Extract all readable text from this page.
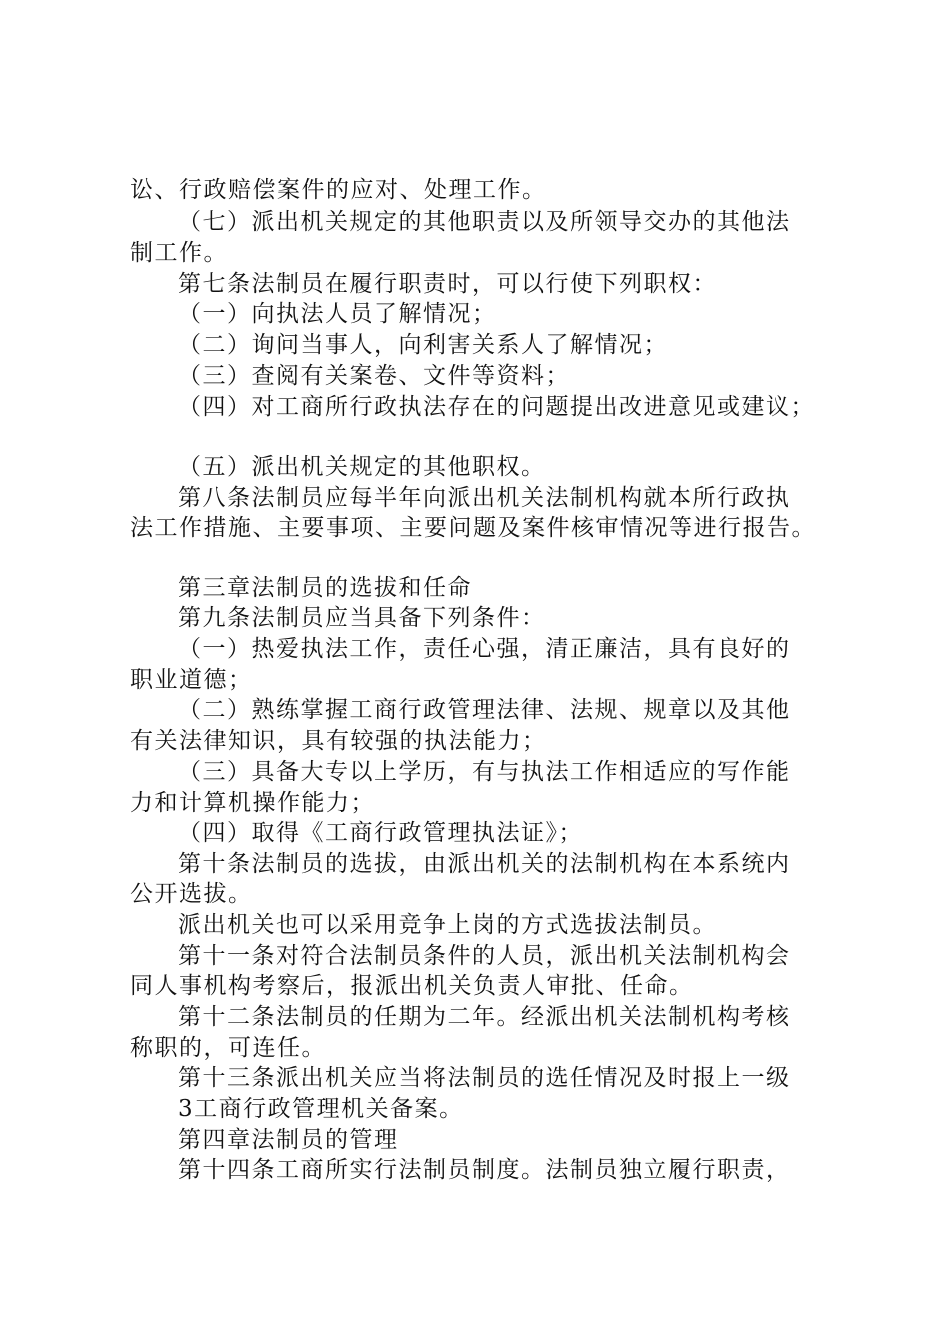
讼、行政赔偿案件的应对、处理工作。
（七）派出机关规定的其他职责以及所领导交办的其他法
制工作。
第七条法制员在履行职责时，可以行使下列职权：
（一）向执法人员了解情况；
（二）询问当事人，向利害关系人了解情况；
（三）查阅有关案卷、文件等资料；
（四）对工商所行政执法存在的问题提出改进意见或建议；
（五）派出机关规定的其他职权。
第八条法制员应每半年向派出机关法制机构就本所行政执
法工作措施、主要事项、主要问题及案件核审情况等进行报告。
第三章法制员的选拔和任命
第九条法制员应当具备下列条件：
（一）热爱执法工作，责任心强，清正廉洁，具有良好的
职业道德；
（二）熟练掌握工商行政管理法律、法规、规章以及其他
有关法律知识，具有较强的执法能力；
（三）具备大专以上学历，有与执法工作相适应的写作能
力和计算机操作能力；
（四）取得《工商行政管理执法证》；
第十条法制员的选拔，由派出机关的法制机构在本系统内
公开选拔。
派出机关也可以采用竞争上岗的方式选拔法制员。
第十一条对符合法制员条件的人员，派出机关法制机构会
同人事机构考察后，报派出机关负责人审批、任命。
第十二条法制员的任期为二年。经派出机关法制机构考核
称职的，可连任。
第十三条派出机关应当将法制员的选任情况及时报上一级
3工商行政管理机关备案。
第四章法制员的管理
第十四条工商所实行法制员制度。法制员独立履行职责，
